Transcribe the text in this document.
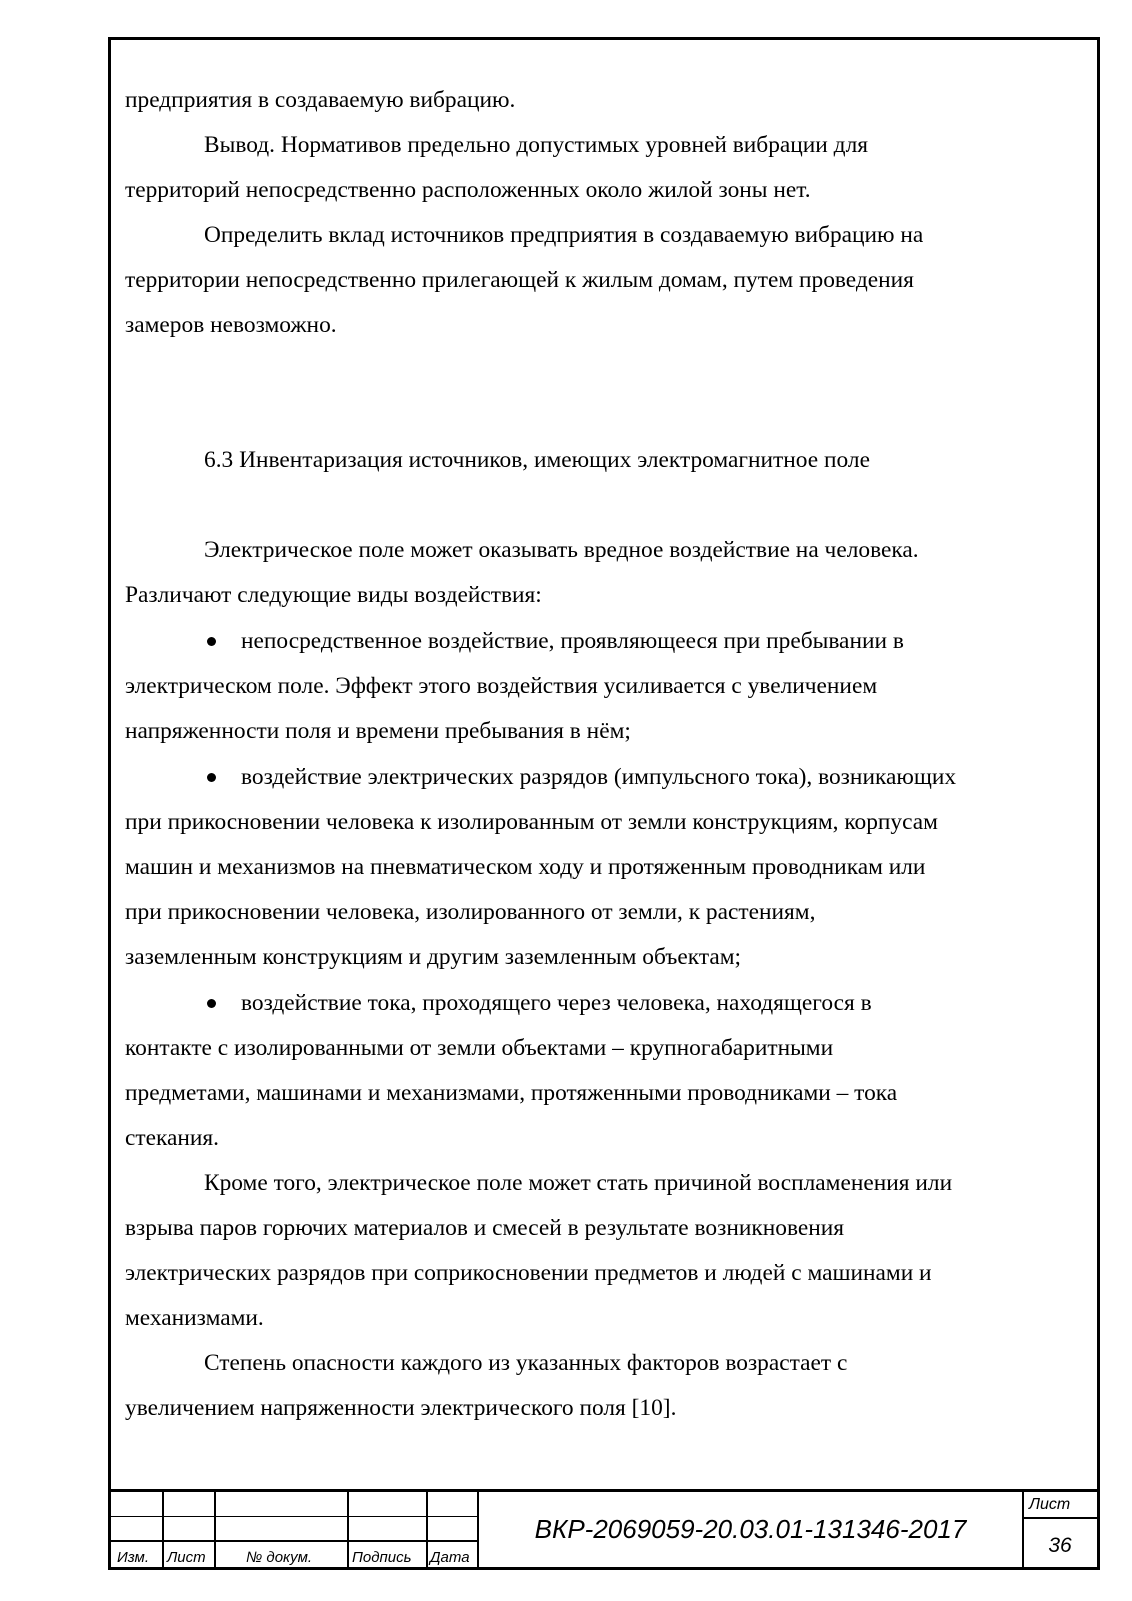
предприятия в создаваемую вибрацию.

Вывод. Нормативов предельно допустимых уровней вибрации для

территорий непосредственно расположенных около жилой зоны нет.

Определить вклад источников предприятия в создаваемую вибрацию на

территории непосредственно прилегающей к жилым домам, путем проведения

замеров невозможно.

6.3 Инвентаризация источников, имеющих электромагнитное поле

Электрическое поле может оказывать вредное воздействие на человека.

Различают следующие виды воздействия:

непосредственное воздействие, проявляющееся при пребывании в

электрическом поле. Эффект этого воздействия усиливается с увеличением

напряженности поля и времени пребывания в нём;

воздействие электрических разрядов (импульсного тока), возникающих

при прикосновении человека к изолированным от земли конструкциям, корпусам

машин и механизмов на пневматическом ходу и протяженным проводникам или

при прикосновении человека, изолированного от земли, к растениям,

заземленным конструкциям и другим заземленным объектам;

воздействие тока, проходящего через человека, находящегося в

контакте с изолированными от земли объектами – крупногабаритными

предметами, машинами и механизмами, протяженными проводниками – тока

стекания.

Кроме того, электрическое поле может стать причиной воспламенения или

взрыва паров горючих материалов и смесей в результате возникновения

электрических разрядов при соприкосновении предметов и людей с машинами и

механизмами.

Степень опасности каждого из указанных факторов возрастает с

увеличением напряженности электрического поля [10].

Изм. Лист	№ докум.	Подпись Дата
ВКР-2069059-20.03.01-131346-2017
Лист
36
